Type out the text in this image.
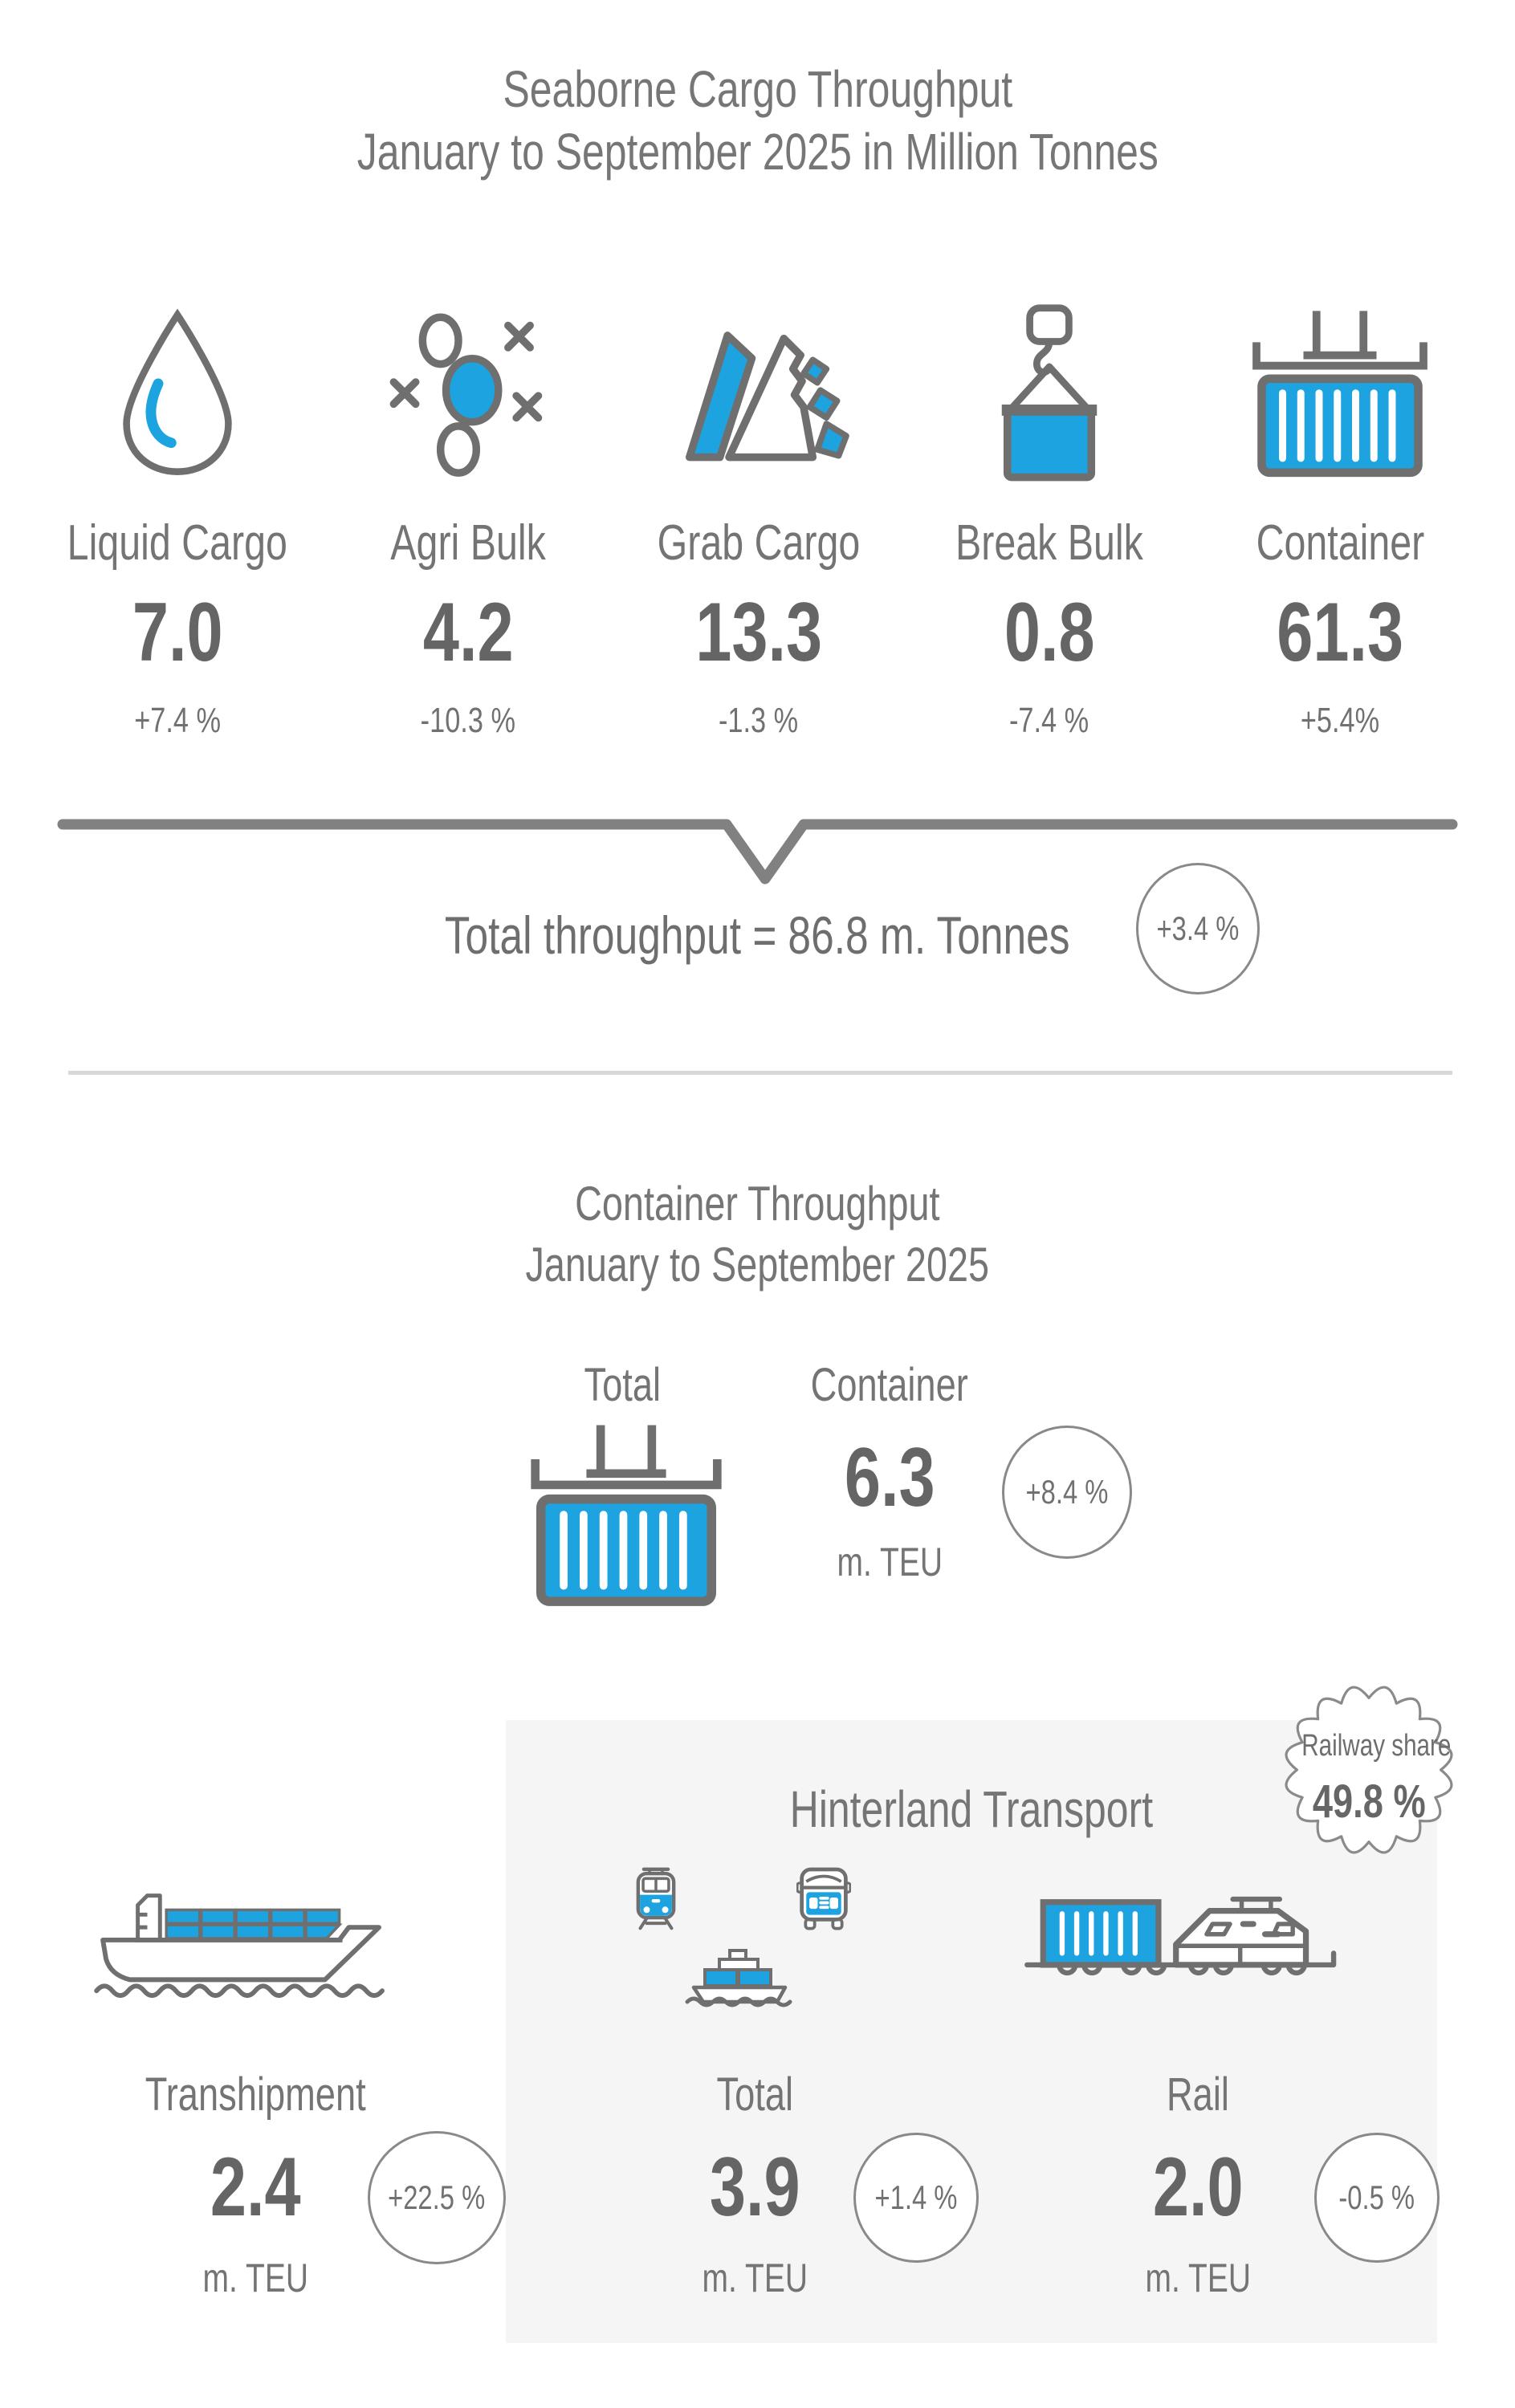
Seaborne Cargo Throughput
January to September 2025 in Million Tonnes
Liquid Cargo
7.0
+7.4 %
Agri Bulk
4.2
-10.3 %
Grab Cargo
13.3
-1.3 %
Break Bulk
0.8
-7.4 %
Container
61.3
+5.4%
Total throughput = 86.8 m. Tonnes	+3.4 %
Container Throughput
January to September 2025
Total	Container
6.3
m. TEU
+8.4 %
Hinterland Transport
Railway share
49.8 %
Transhipment
2.4
m. TEU
+22.5 %
Total
3.9
m. TEU
+1.4 %
Rail
2.0
m. TEU
-0.5 %
